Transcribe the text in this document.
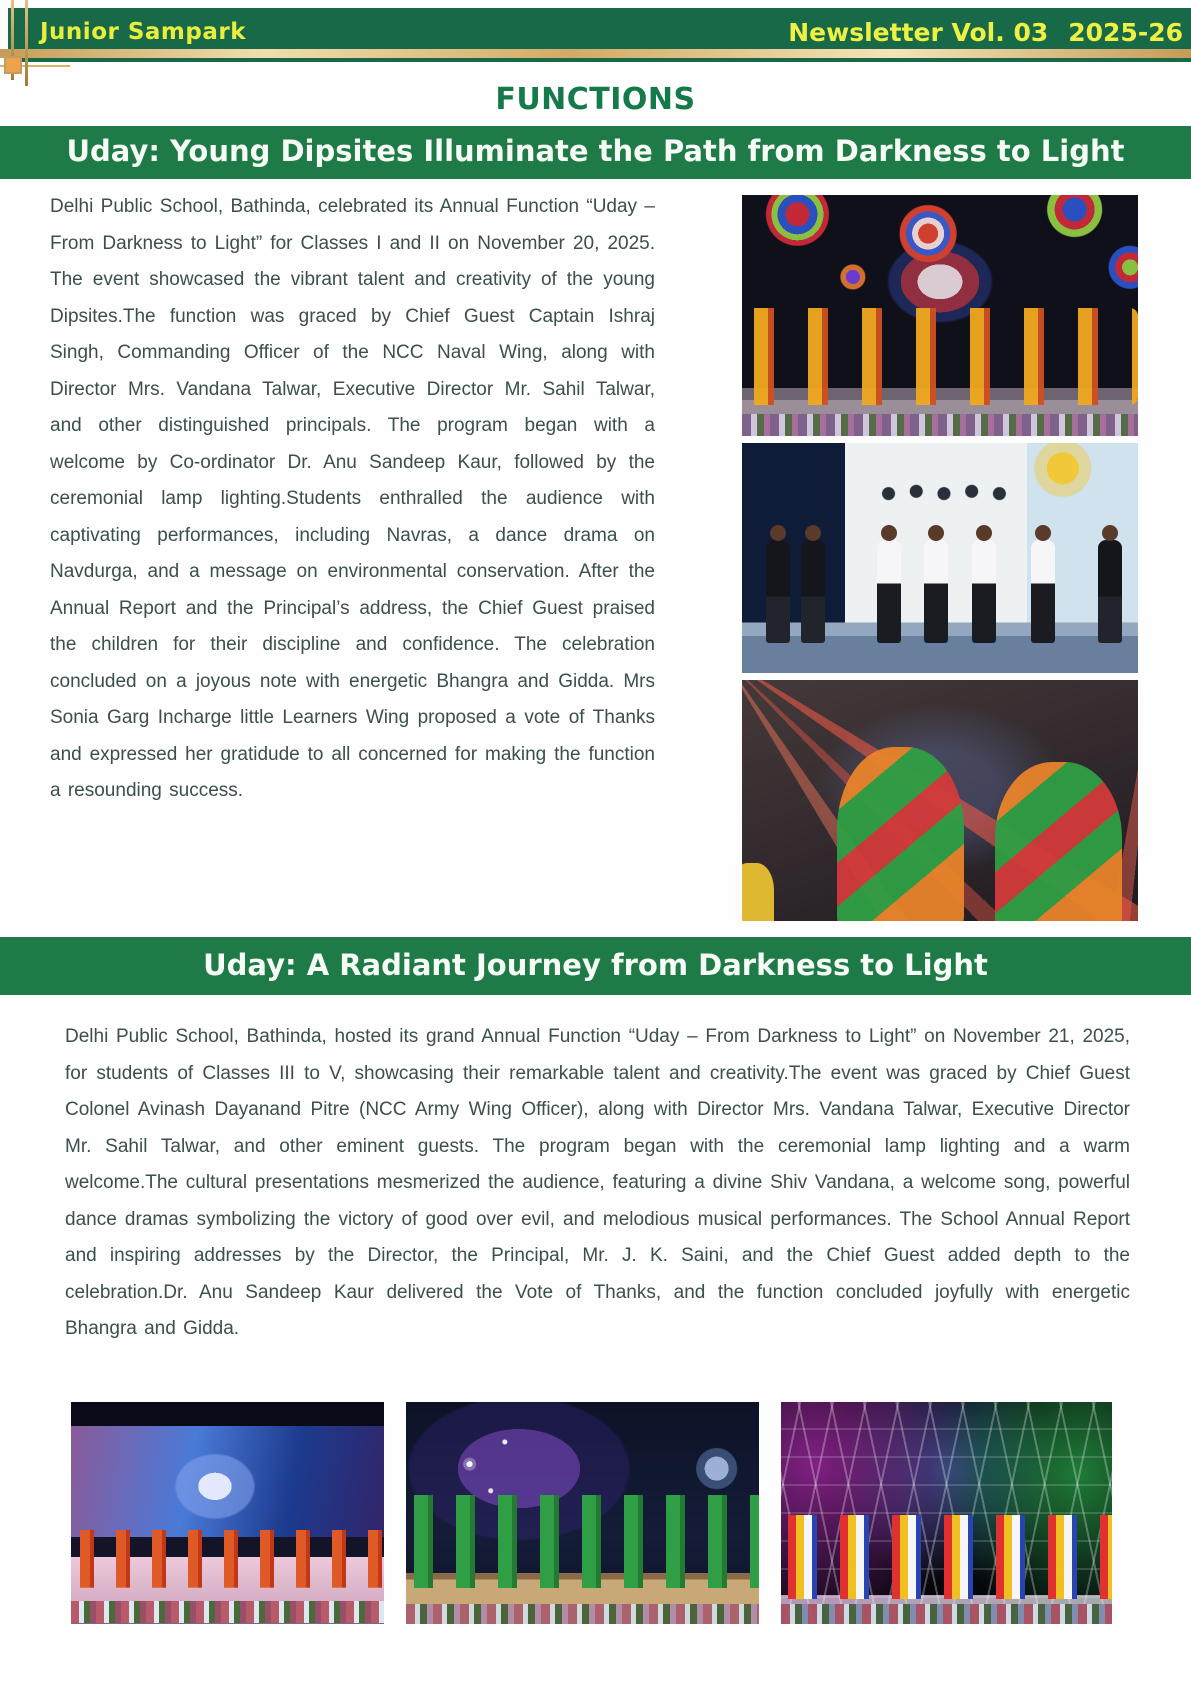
Junior Sampark	Newsletter Vol. 03 2025-26
FUNCTIONS
Uday: Young Dipsites Illuminate the Path from Darkness to Light

Delhi Public School, Bathinda, celebrated its Annual Function “Uday – From Darkness to Light” for Classes I and II on November 20, 2025. The event showcased the vibrant talent and creativity of the young Dipsites.The function was graced by Chief Guest Captain Ishraj Singh, Commanding Officer of the NCC Naval Wing, along with Director Mrs. Vandana Talwar, Executive Director Mr. Sahil Talwar, and other distinguished principals. The program began with a welcome by Co-ordinator Dr. Anu Sandeep Kaur, followed by the ceremonial lamp lighting.Students enthralled the audience with captivating performances, including Navras, a dance drama on Navdurga, and a message on environmental conservation. After the Annual Report and the Principal’s address, the Chief Guest praised the children for their discipline and confidence. The celebration concluded on a joyous note with energetic Bhangra and Gidda. Mrs Sonia Garg Incharge little Learners Wing proposed a vote of Thanks and expressed her gratidude to all concerned for making the function a resounding success.

Uday: A Radiant Journey from Darkness to Light

Delhi Public School, Bathinda, hosted its grand Annual Function “Uday – From Darkness to Light” on November 21, 2025, for students of Classes III to V, showcasing their remarkable talent and creativity.The event was graced by Chief Guest Colonel Avinash Dayanand Pitre (NCC Army Wing Officer), along with Director Mrs. Vandana Talwar, Executive Director Mr. Sahil Talwar, and other eminent guests. The program began with the ceremonial lamp lighting and a warm welcome.The cultural presentations mesmerized the audience, featuring a divine Shiv Vandana, a welcome song, powerful dance dramas symbolizing the victory of good over evil, and melodious musical performances. The School Annual Report and inspiring addresses by the Director, the Principal, Mr. J. K. Saini, and the Chief Guest added depth to the celebration.Dr. Anu Sandeep Kaur delivered the Vote of Thanks, and the function concluded joyfully with energetic Bhangra and Gidda.
